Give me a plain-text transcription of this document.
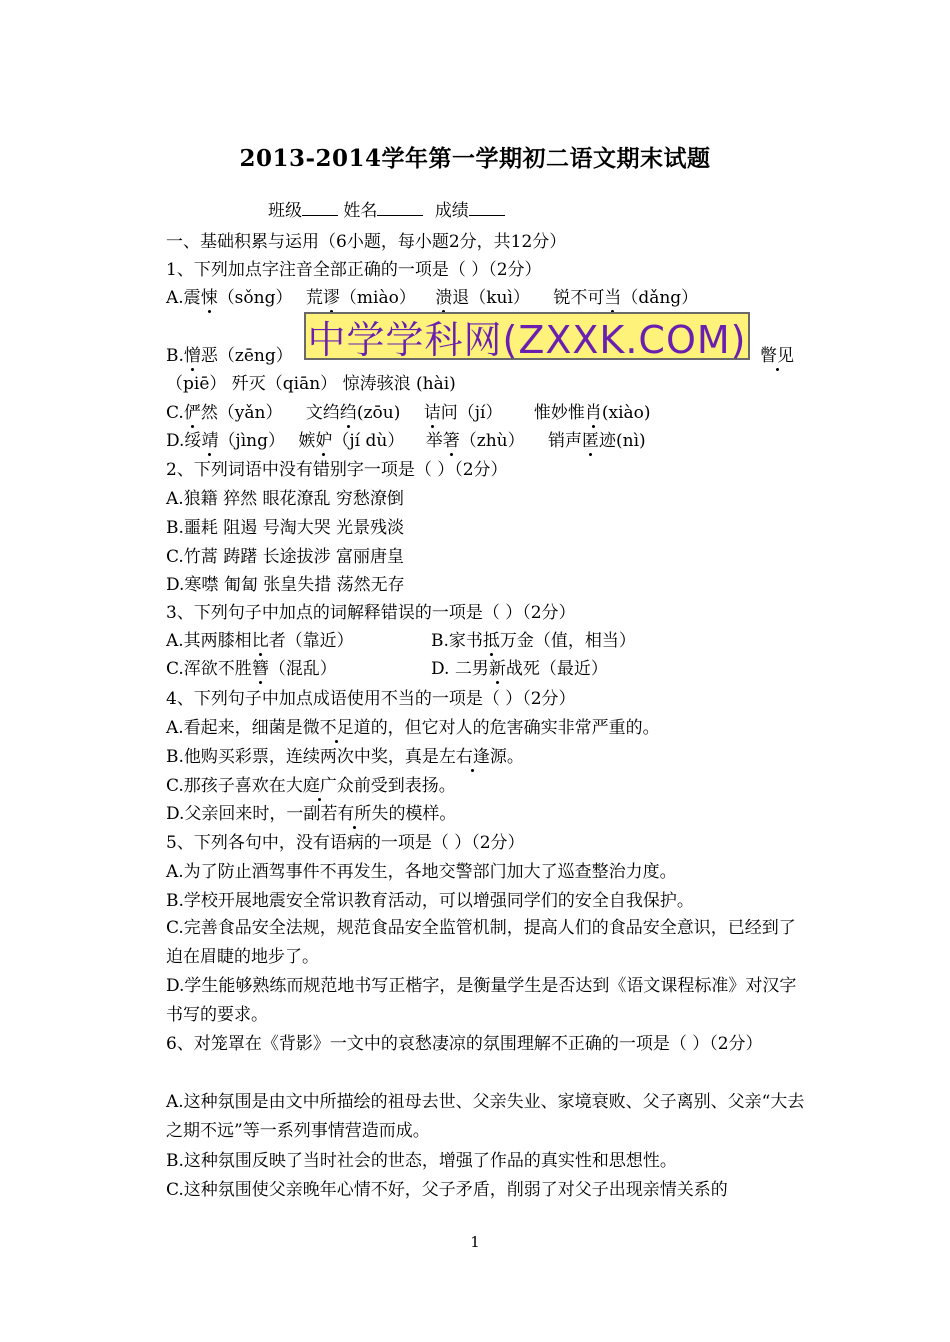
2013-2014学年第一学期初二语文期末试题
班级 姓名	成绩
一、基础积累与运用（6小题，每小题2分，共12分）
1、下列加点字注音全部正确的一项是（ ）（2分）
A.震悚（sǒng） 荒谬（miào） 溃退（kuì） 锐不可当（dǎng）
B.憎恶（zēng）	瞥见
中学学科网(ZXXK.COM)
（piē） 歼灭（qiān） 惊涛骇浪 (hài)
C.俨然（yǎn） 文绉绉(zōu) 诘问（jí） 惟妙惟肖(xiào)
D.绥靖（jìng） 嫉妒（jí dù） 举箸（zhù） 销声匿迹(nì)
2、下列词语中没有错别字一项是（ ）（2分）
A.狼籍 猝然 眼花潦乱 穷愁潦倒
B.噩耗 阻遏 号淘大哭 光景残淡
C.竹蒿 踌躇 长途拔涉 富丽唐皇
D.寒噤 匍匐 张皇失措 荡然无存
3、下列句子中加点的词解释错误的一项是（ ）（2分）
A.其两膝相比者（靠近）	B.家书抵万金（值，相当）
C.浑欲不胜簪（混乱）	D. 二男新战死（最近）
4、下列句子中加点成语使用不当的一项是（ ）（2分）
A.看起来，细菌是微不足道的，但它对人的危害确实非常严重的。
B.他购买彩票，连续两次中奖，真是左右逢源。
C.那孩子喜欢在大庭广众前受到表扬。
D.父亲回来时，一副若有所失的模样。
5、下列各句中，没有语病的一项是（ ）（2分）
A.为了防止酒驾事件不再发生，各地交警部门加大了巡查整治力度。
B.学校开展地震安全常识教育活动，可以增强同学们的安全自我保护。
C.完善食品安全法规，规范食品安全监管机制，提高人们的食品安全意识，已经到了迫在眉睫的地步了。
D.学生能够熟练而规范地书写正楷字，是衡量学生是否达到《语文课程标准》对汉字书写的要求。
6、对笼罩在《背影》一文中的哀愁凄凉的氛围理解不正确的一项是（ ）（2分）
A.这种氛围是由文中所描绘的祖母去世、父亲失业、家境衰败、父子离别、父亲“大去之期不远”等一系列事情营造而成。
B.这种氛围反映了当时社会的世态，增强了作品的真实性和思想性。
C.这种氛围使父亲晚年心情不好，父子矛盾，削弱了对父子出现亲情关系的
1
